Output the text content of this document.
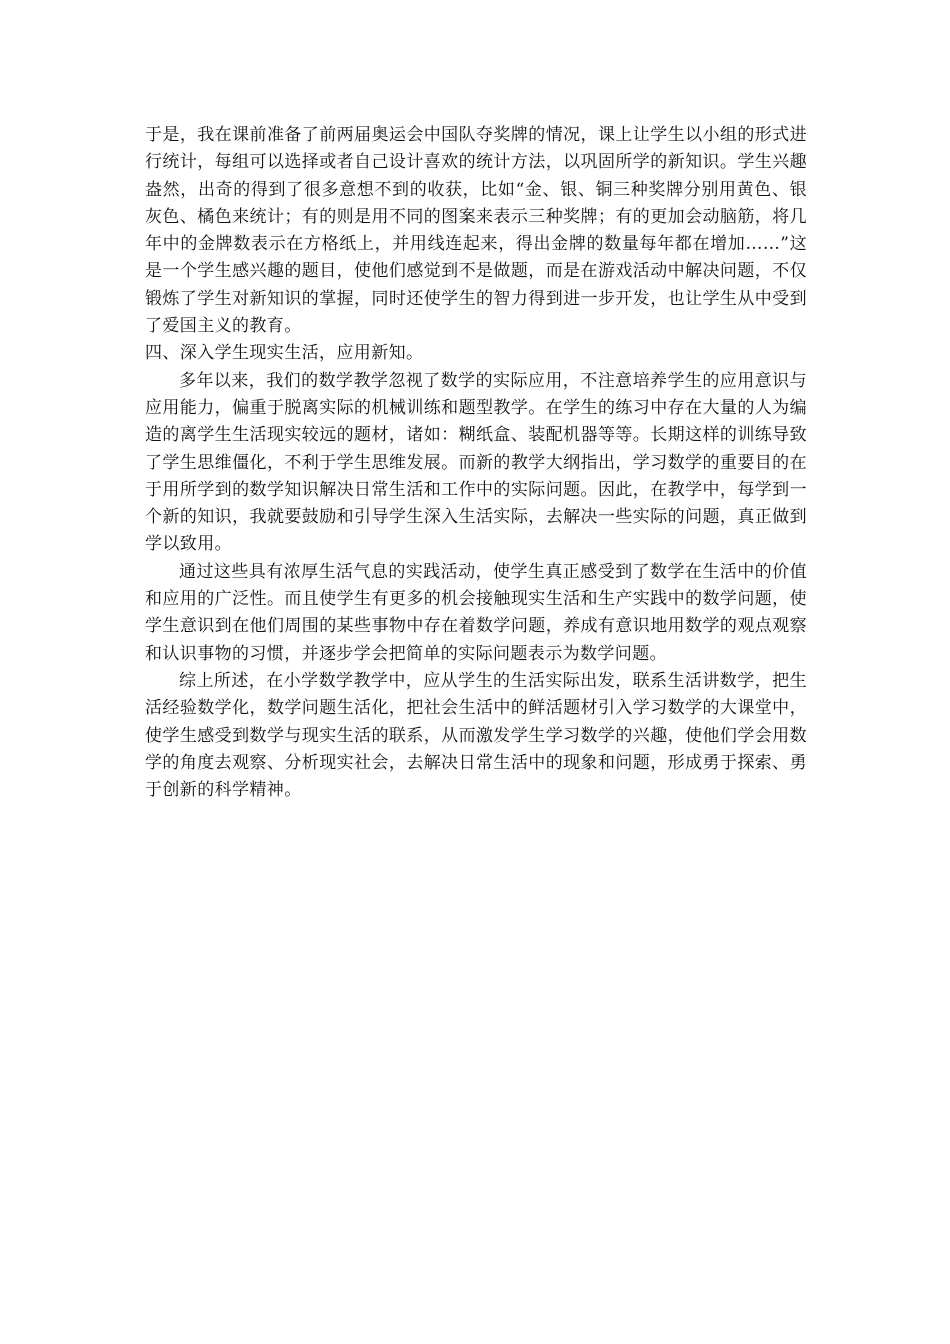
于是，我在课前准备了前两届奥运会中国队夺奖牌的情况，课上让学生以小组的形式进行统计，每组可以选择或者自己设计喜欢的统计方法，以巩固所学的新知识。学生兴趣盎然，出奇的得到了很多意想不到的收获，比如“金、银、铜三种奖牌分别用黄色、银灰色、橘色来统计；有的则是用不同的图案来表示三种奖牌；有的更加会动脑筋，将几年中的金牌数表示在方格纸上，并用线连起来，得出金牌的数量每年都在增加……”这是一个学生感兴趣的题目，使他们感觉到不是做题，而是在游戏活动中解决问题，不仅锻炼了学生对新知识的掌握，同时还使学生的智力得到进一步开发，也让学生从中受到了爱国主义的教育。

四、深入学生现实生活，应用新知。

多年以来，我们的数学教学忽视了数学的实际应用，不注意培养学生的应用意识与应用能力，偏重于脱离实际的机械训练和题型教学。在学生的练习中存在大量的人为编造的离学生生活现实较远的题材，诸如：糊纸盒、装配机器等等。长期这样的训练导致了学生思维僵化，不利于学生思维发展。而新的教学大纲指出，学习数学的重要目的在于用所学到的数学知识解决日常生活和工作中的实际问题。因此，在教学中，每学到一个新的知识，我就要鼓励和引导学生深入生活实际，去解决一些实际的问题，真正做到学以致用。

通过这些具有浓厚生活气息的实践活动，使学生真正感受到了数学在生活中的价值和应用的广泛性。而且使学生有更多的机会接触现实生活和生产实践中的数学问题，使学生意识到在他们周围的某些事物中存在着数学问题，养成有意识地用数学的观点观察和认识事物的习惯，并逐步学会把简单的实际问题表示为数学问题。

综上所述，在小学数学教学中，应从学生的生活实际出发，联系生活讲数学，把生活经验数学化，数学问题生活化，把社会生活中的鲜活题材引入学习数学的大课堂中，使学生感受到数学与现实生活的联系，从而激发学生学习数学的兴趣，使他们学会用数学的角度去观察、分析现实社会，去解决日常生活中的现象和问题，形成勇于探索、勇于创新的科学精神。
